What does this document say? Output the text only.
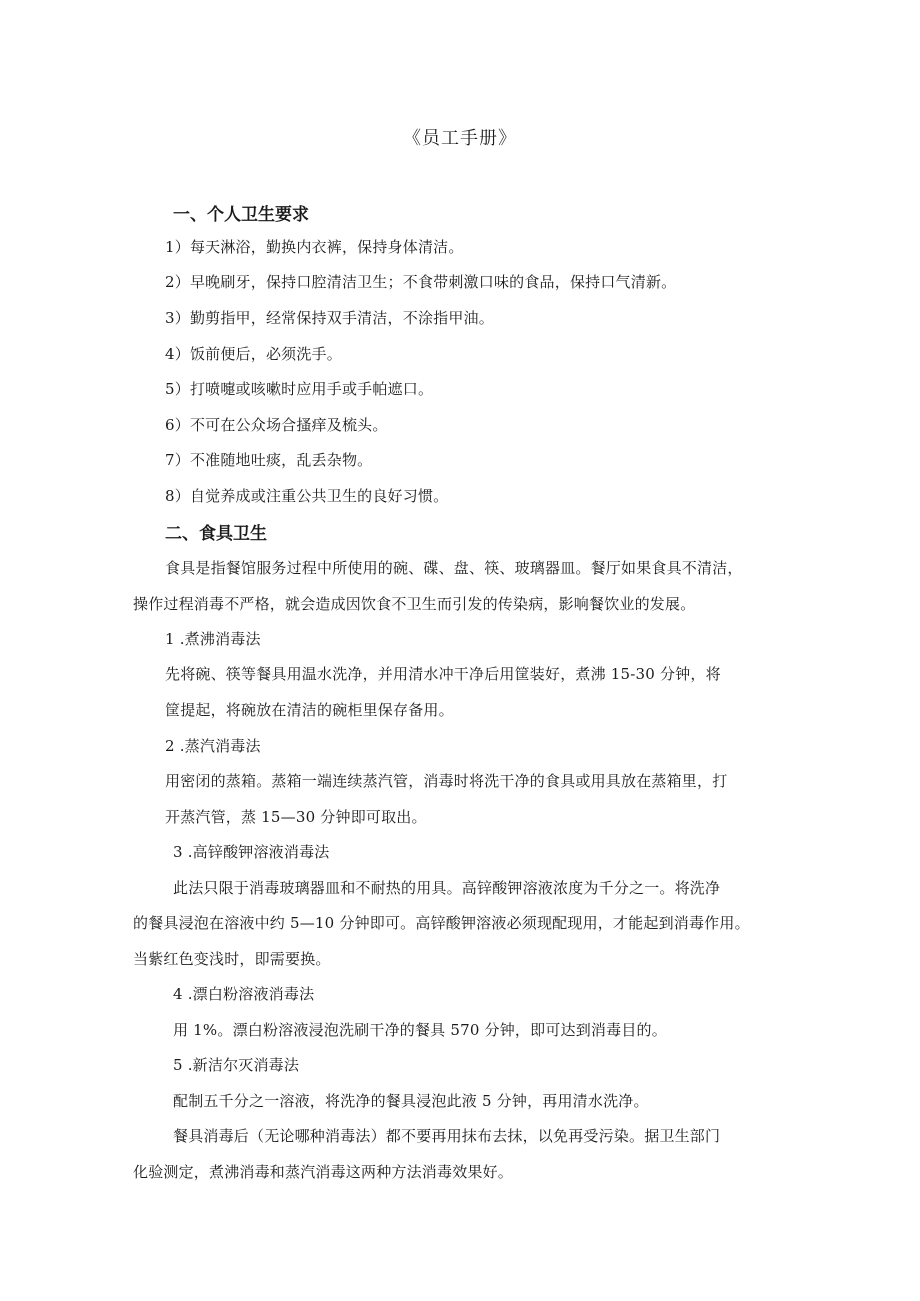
《员工手册》
一、个人卫生要求
1）每天淋浴，勤换内衣裤，保持身体清洁。
2）早晚刷牙，保持口腔清洁卫生；不食带刺激口味的食品，保持口气清新。
3）勤剪指甲，经常保持双手清洁，不涂指甲油。
4）饭前便后，必须洗手。
5）打喷嚏或咳嗽时应用手或手帕遮口。
6）不可在公众场合搔痒及梳头。
7）不准随地吐痰，乱丢杂物。
8）自觉养成或注重公共卫生的良好习惯。
二、食具卫生
食具是指餐馆服务过程中所使用的碗、碟、盘、筷、玻璃器皿。餐厅如果食具不清洁，
操作过程消毒不严格，就会造成因饮食不卫生而引发的传染病，影响餐饮业的发展。
1 .煮沸消毒法
先将碗、筷等餐具用温水洗净，并用清水冲干净后用筐装好，煮沸 15-30 分钟，将
筐提起，将碗放在清洁的碗柜里保存备用。
2 .蒸汽消毒法
用密闭的蒸箱。蒸箱一端连续蒸汽管，消毒时将洗干净的食具或用具放在蒸箱里，打
开蒸汽管，蒸 15—30 分钟即可取出。
3 .高锌酸钾溶液消毒法
此法只限于消毒玻璃器皿和不耐热的用具。高锌酸钾溶液浓度为千分之一。将洗净
的餐具浸泡在溶液中约 5—10 分钟即可。高锌酸钾溶液必须现配现用，才能起到消毒作用。
当紫红色变浅时，即需要换。
4 .漂白粉溶液消毒法
用 1%。漂白粉溶液浸泡洗刷干净的餐具 570 分钟，即可达到消毒目的。
5 .新洁尔灭消毒法
配制五千分之一溶液，将洗净的餐具浸泡此液 5 分钟，再用清水洗净。
餐具消毒后（无论哪种消毒法）都不要再用抹布去抹，以免再受污染。据卫生部门
化验测定，煮沸消毒和蒸汽消毒这两种方法消毒效果好。
